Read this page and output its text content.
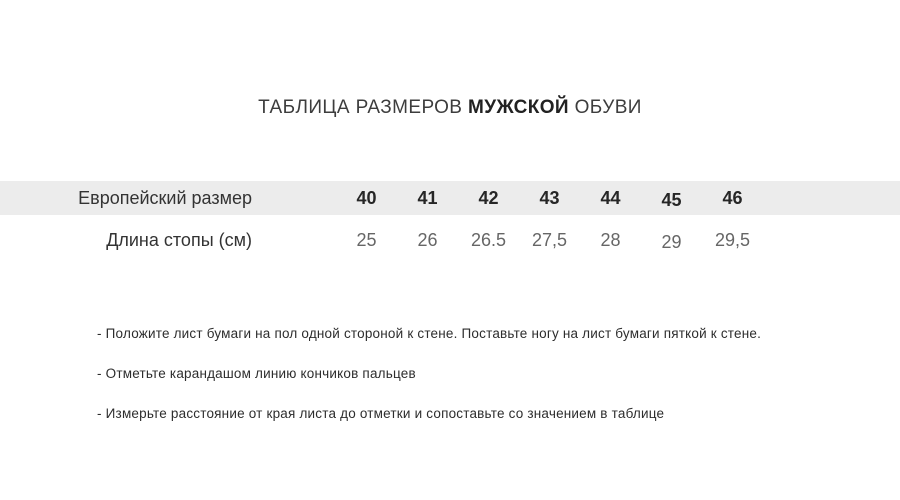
ТАБЛИЦА РАЗМЕРОВ МУЖСКОЙ ОБУВИ
Европейский размер	40	41	42	43	44	45	46
Длина стопы (см)	25	26	26.5	27,5	28	29	29,5
- Положите лист бумаги на пол одной стороной к стене. Поставьте ногу на лист бумаги пяткой к стене.
- Отметьте карандашом линию кончиков пальцев
- Измерьте расстояние от края листа до отметки и сопоставьте со значением в таблице
